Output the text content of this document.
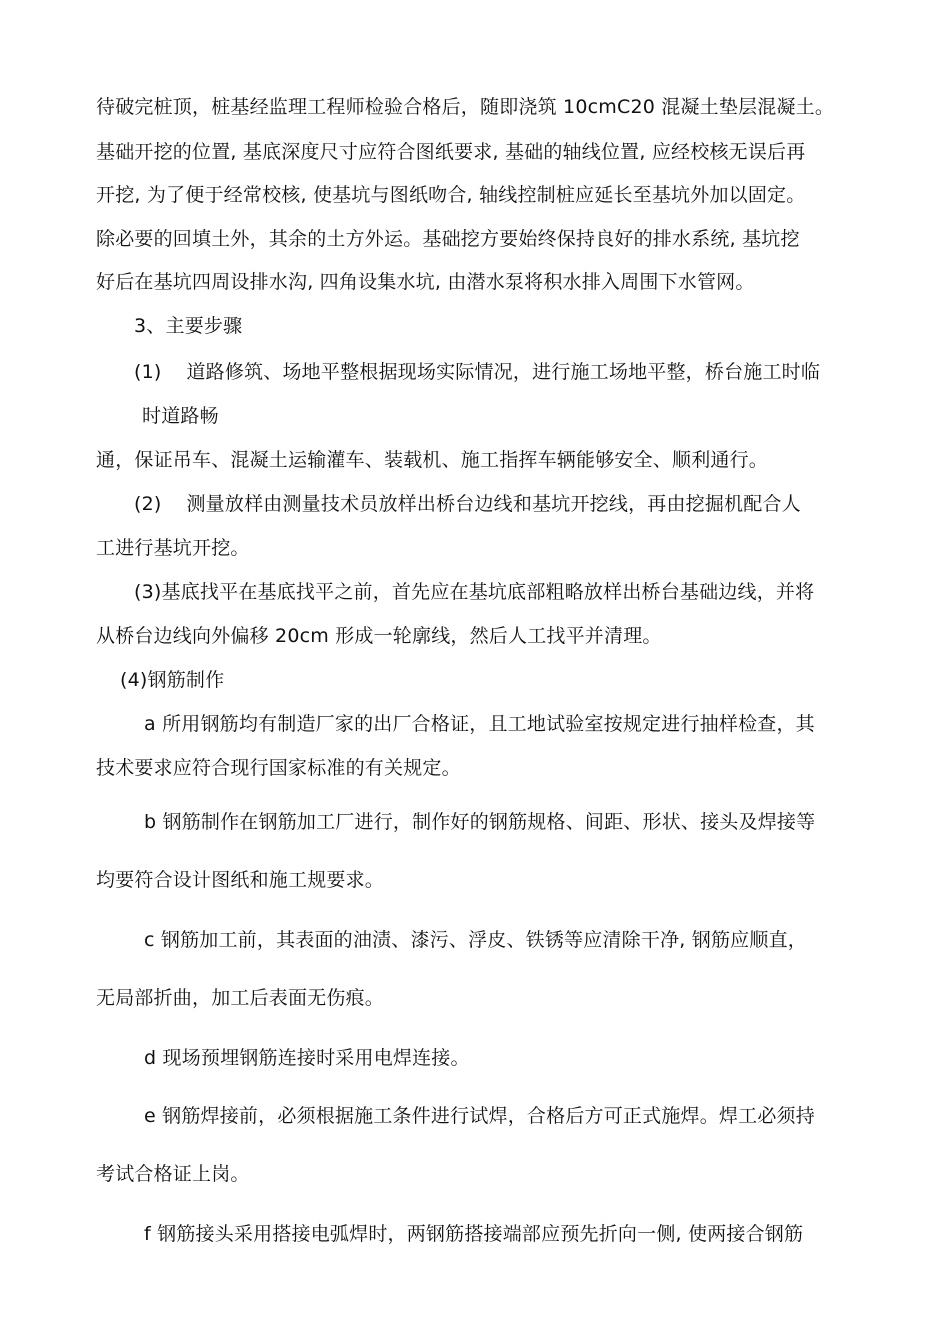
待破完桩顶，桩基经监理工程师检验合格后，随即浇筑 10cmC20 混凝土垫层混凝土。
基础开挖的位置, 基底深度尺寸应符合图纸要求, 基础的轴线位置, 应经校核无误后再
开挖, 为了便于经常校核, 使基坑与图纸吻合, 轴线控制桩应延长至基坑外加以固定。
除必要的回填土外，其余的土方外运。基础挖方要始终保持良好的排水系统, 基坑挖
好后在基坑四周设排水沟, 四角设集水坑, 由潜水泵将积水排入周围下水管网。
3、主要步骤
(1)    道路修筑、场地平整根据现场实际情况，进行施工场地平整，桥台施工时临
时道路畅
通，保证吊车、混凝土运输灌车、装载机、施工指挥车辆能够安全、顺利通行。
(2)    测量放样由测量技术员放样出桥台边线和基坑开挖线，再由挖掘机配合人
工进行基坑开挖。
(3)基底找平在基底找平之前，首先应在基坑底部粗略放样出桥台基础边线，并将
从桥台边线向外偏移 20cm 形成一轮廓线，然后人工找平并清理。
(4)钢筋制作
a 所用钢筋均有制造厂家的出厂合格证，且工地试验室按规定进行抽样检查，其
技术要求应符合现行国家标准的有关规定。
b 钢筋制作在钢筋加工厂进行，制作好的钢筋规格、间距、形状、接头及焊接等
均要符合设计图纸和施工规要求。
c 钢筋加工前，其表面的油渍、漆污、浮皮、铁锈等应清除干净, 钢筋应顺直，
无局部折曲，加工后表面无伤痕。
d 现场预埋钢筋连接时采用电焊连接。
e 钢筋焊接前，必须根据施工条件进行试焊，合格后方可正式施焊。焊工必须持
考试合格证上岗。
f 钢筋接头采用搭接电弧焊时，两钢筋搭接端部应预先折向一侧, 使两接合钢筋
